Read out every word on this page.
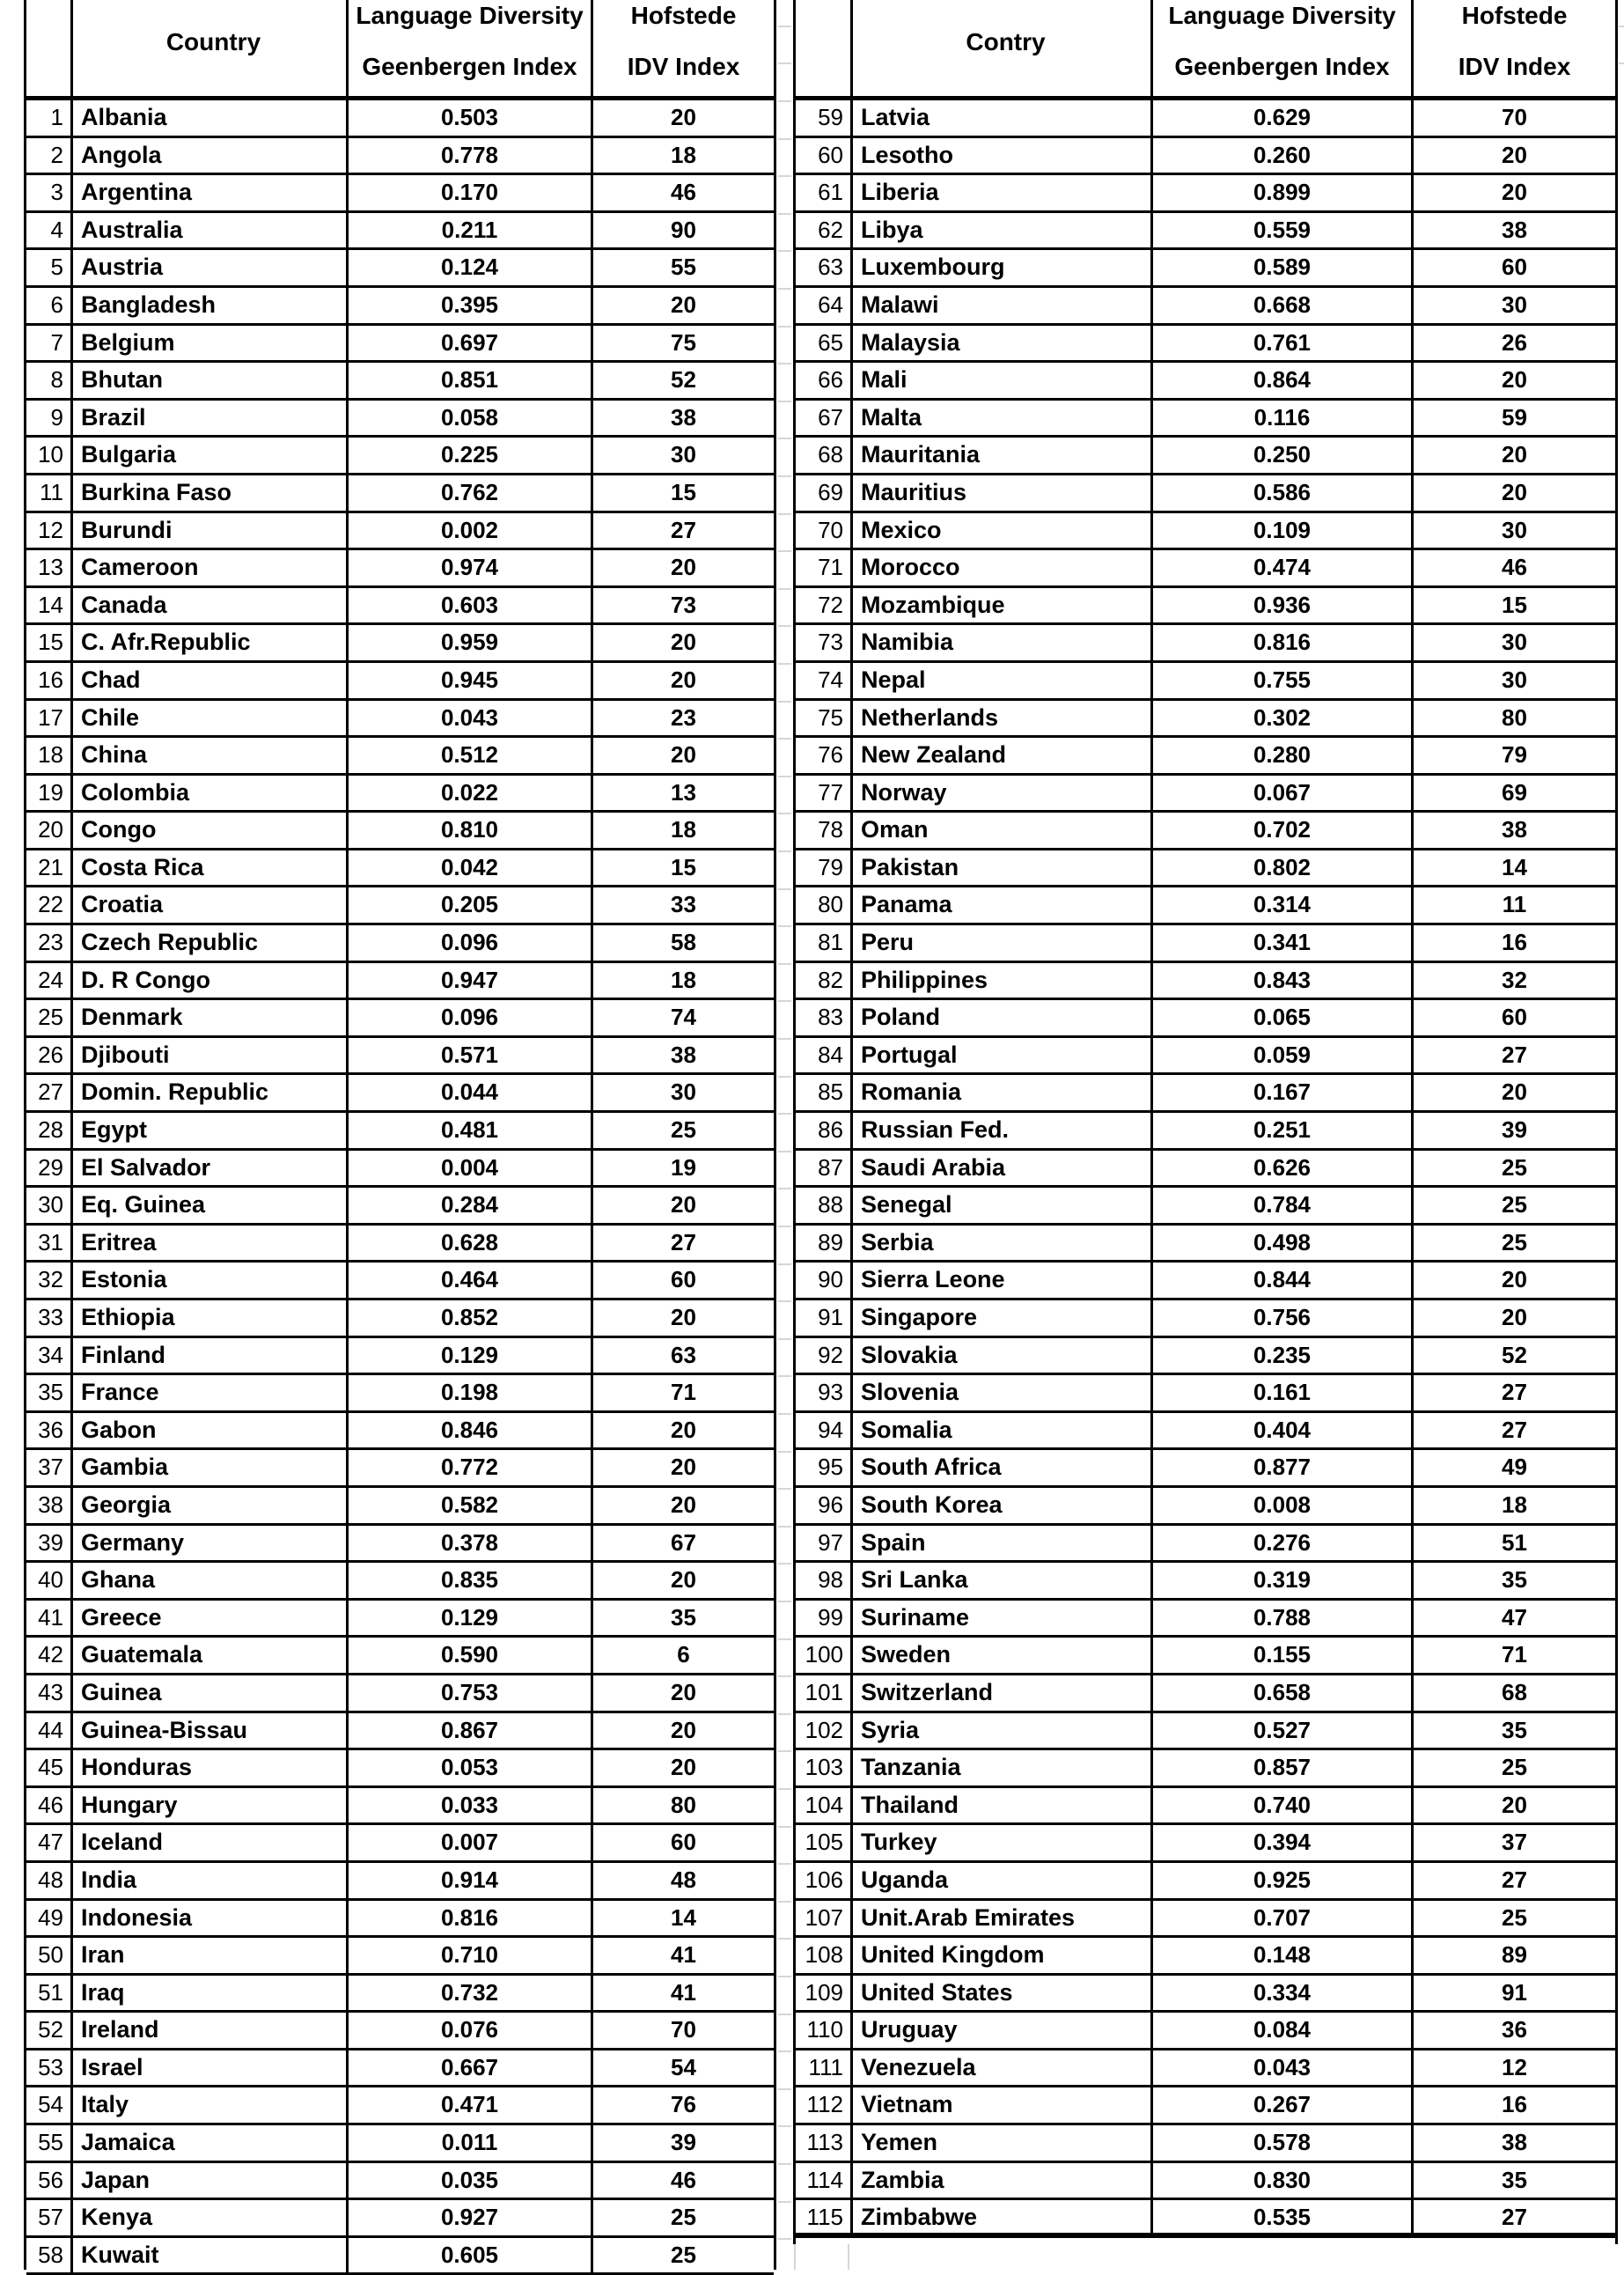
Country
Language Diversity
Geenbergen Index
Hofstede
IDV Index
1 Albania	0.503	20
2 Angola	0.778	18
3 Argentina	0.170	46
4 Australia	0.211	90
5 Austria	0.124	55
6 Bangladesh	0.395	20
7 Belgium	0.697	75
8 Bhutan	0.851	52
9 Brazil	0.058	38
10 Bulgaria	0.225	30
11 Burkina Faso	0.762	15
12 Burundi	0.002	27
13 Cameroon	0.974	20
14 Canada	0.603	73
15 C. Afr.Republic	0.959	20
16 Chad	0.945	20
17 Chile	0.043	23
18 China	0.512	20
19 Colombia	0.022	13
20 Congo	0.810	18
21 Costa Rica	0.042	15
22 Croatia	0.205	33
23 Czech Republic	0.096	58
24 D. R Congo	0.947	18
25 Denmark	0.096	74
26 Djibouti	0.571	38
27 Domin. Republic	0.044	30
28 Egypt	0.481	25
29 El Salvador	0.004	19
30 Eq. Guinea	0.284	20
31 Eritrea	0.628	27
32 Estonia	0.464	60
33 Ethiopia	0.852	20
34 Finland	0.129	63
35 France	0.198	71
36 Gabon	0.846	20
37 Gambia	0.772	20
38 Georgia	0.582	20
39 Germany	0.378	67
40 Ghana	0.835	20
41 Greece	0.129	35
42 Guatemala	0.590	6
43 Guinea	0.753	20
44 Guinea-Bissau	0.867	20
45 Honduras	0.053	20
46 Hungary	0.033	80
47 Iceland	0.007	60
48 India	0.914	48
49 Indonesia	0.816	14
50 Iran	0.710	41
51 Iraq	0.732	41
52 Ireland	0.076	70
53 Israel	0.667	54
54 Italy	0.471	76
55 Jamaica	0.011	39
56 Japan	0.035	46
57 Kenya	0.927	25
58 Kuwait	0.605	25
Contry
Language Diversity
Geenbergen Index
Hofstede
IDV Index
59 Latvia	0.629	70
60 Lesotho	0.260	20
61 Liberia	0.899	20
62 Libya	0.559	38
63 Luxembourg	0.589	60
64 Malawi	0.668	30
65 Malaysia	0.761	26
66 Mali	0.864	20
67 Malta	0.116	59
68 Mauritania	0.250	20
69 Mauritius	0.586	20
70 Mexico	0.109	30
71 Morocco	0.474	46
72 Mozambique	0.936	15
73 Namibia	0.816	30
74 Nepal	0.755	30
75 Netherlands	0.302	80
76 New Zealand	0.280	79
77 Norway	0.067	69
78 Oman	0.702	38
79 Pakistan	0.802	14
80 Panama	0.314	11
81 Peru	0.341	16
82 Philippines	0.843	32
83 Poland	0.065	60
84 Portugal	0.059	27
85 Romania	0.167	20
86 Russian Fed.	0.251	39
87 Saudi Arabia	0.626	25
88 Senegal	0.784	25
89 Serbia	0.498	25
90 Sierra Leone	0.844	20
91 Singapore	0.756	20
92 Slovakia	0.235	52
93 Slovenia	0.161	27
94 Somalia	0.404	27
95 South Africa	0.877	49
96 South Korea	0.008	18
97 Spain	0.276	51
98 Sri Lanka	0.319	35
99 Suriname	0.788	47
100 Sweden	0.155	71
101 Switzerland	0.658	68
102 Syria	0.527	35
103 Tanzania	0.857	25
104 Thailand	0.740	20
105 Turkey	0.394	37
106 Uganda	0.925	27
107 Unit.Arab Emirates	0.707	25
108 United Kingdom	0.148	89
109 United States	0.334	91
110 Uruguay	0.084	36
111 Venezuela	0.043	12
112 Vietnam	0.267	16
113 Yemen	0.578	38
114 Zambia	0.830	35
115 Zimbabwe	0.535	27
